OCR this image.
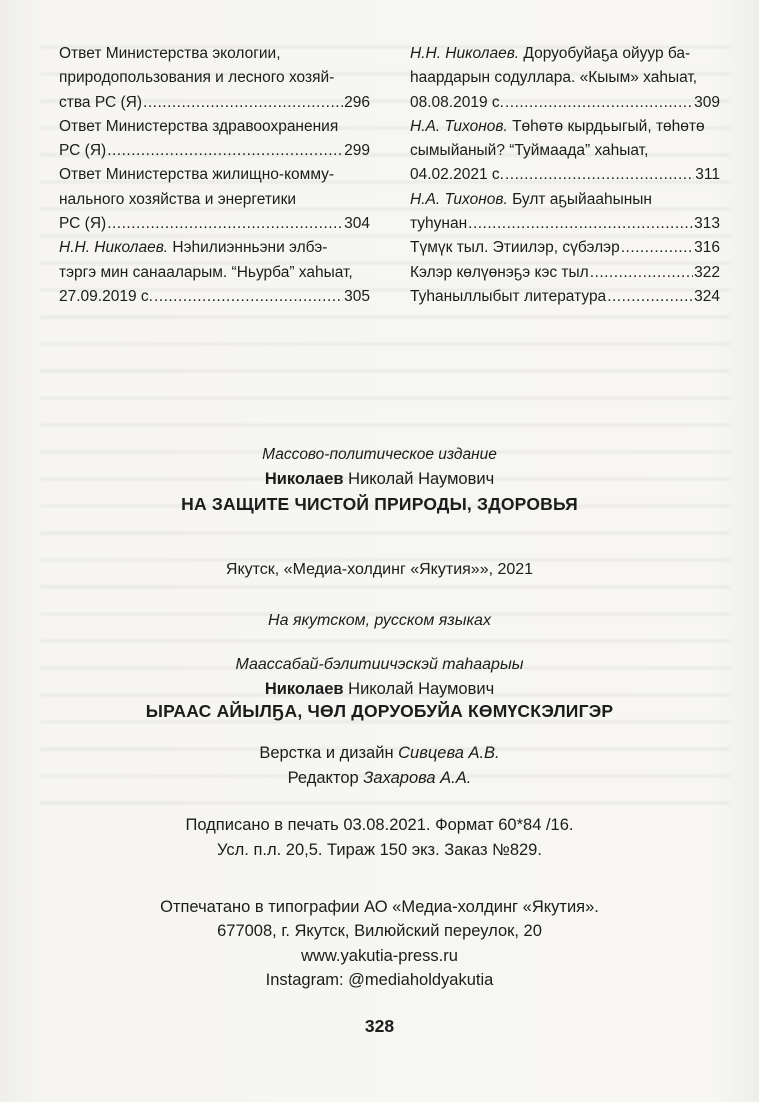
Ответ Министерства экологии,
природопользования и лесного хозяй-
ства РС (Я) .....	296
Ответ Министерства здравоохранения
РС (Я) .....	299
Ответ Министерства жилищно-комму-
нального хозяйства и энергетики
РС (Я) .....	304
Н.Н. Николаев. Нэһилиэнньэни элбэ-
тэргэ мин санааларым. “Ньурба” хаһыат,
27.09.2019 с. .....	305
Н.Н. Николаев. Доруобуйаҕа ойуур ба-
һаардарын содуллара. «Кыым» хаһыат,
08.08.2019 с. .....	309
Н.А. Тихонов. Төһөтө кырдьыгый, төһөтө
сымыйаный? “Туймаада” хаһыат,
04.02.2021 с. .....	311
Н.А. Тихонов. Булт аҕыйааһынын
туһунан .....	313
Түмүк тыл. Этиилэр, сүбэлэр .....	316
Кэлэр көлүөнэҕэ кэс тыл .....	322
Туһаныллыбыт литература .....	324
Массово-политическое издание
Николаев Николай Наумович
НА ЗАЩИТЕ ЧИСТОЙ ПРИРОДЫ, ЗДОРОВЬЯ
Якутск, «Медиа-холдинг «Якутия»», 2021
На якутском, русском языках
Маассабай-бэлитиичэскэй таһаарыы
Николаев Николай Наумович
ЫРААС АЙЫЛҔА, ЧӨЛ ДОРУОБУЙА КӨМҮСКЭЛИГЭР
Верстка и дизайн Сивцева А.В.
Редактор Захарова А.А.
Подписано в печать 03.08.2021. Формат 60*84 /16.
Усл. п.л. 20,5. Тираж 150 экз. Заказ №829.
Отпечатано в типографии АО «Медиа-холдинг «Якутия».
677008, г. Якутск, Вилюйский переулок, 20
www.yakutia-press.ru
Instagram: @mediaholdyakutia
328
